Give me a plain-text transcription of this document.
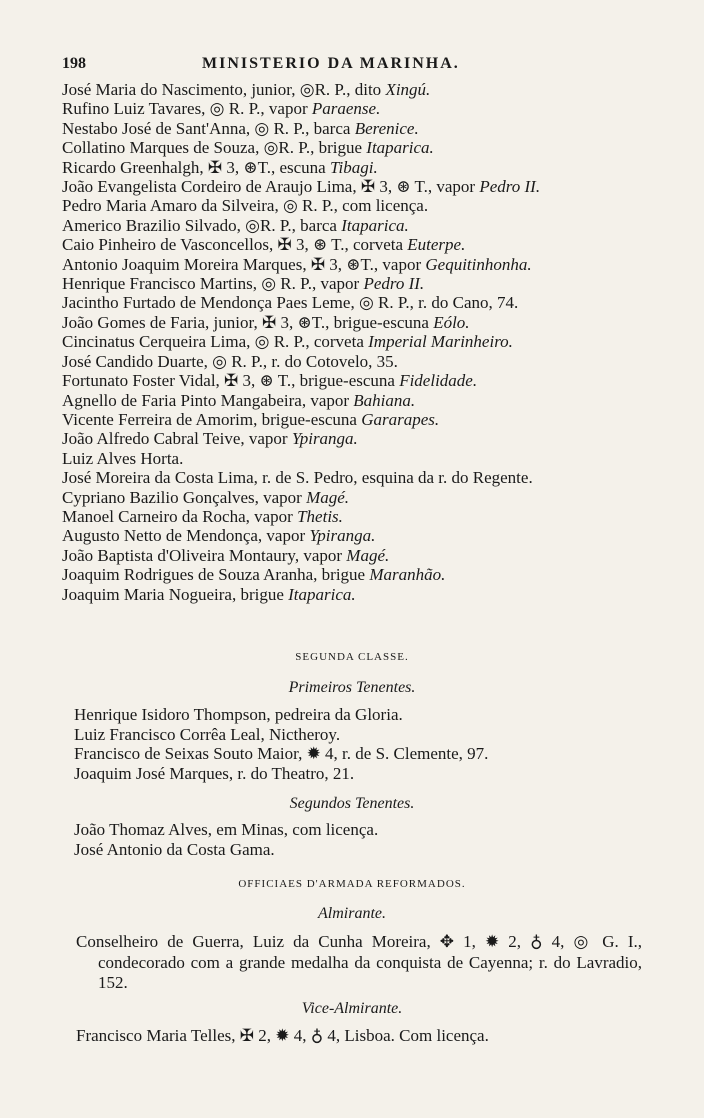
198	MINISTERIO DA MARINHA.
José Maria do Nascimento, junior, ◎R. P., dito Xingú.
Rufino Luiz Tavares, ◎ R. P., vapor Paraense.
Nestabo José de Sant'Anna, ◎ R. P., barca Berenice.
Collatino Marques de Souza, ◎R. P., brigue Itaparica.
Ricardo Greenhalgh, ✠ 3, ⊛T., escuna Tibagi.
João Evangelista Cordeiro de Araujo Lima, ✠ 3, ⊛ T., vapor Pedro II.
Pedro Maria Amaro da Silveira, ◎ R. P., com licença.
Americo Brazilio Silvado, ◎R. P., barca Itaparica.
Caio Pinheiro de Vasconcellos, ✠ 3, ⊛ T., corveta Euterpe.
Antonio Joaquim Moreira Marques, ✠ 3, ⊛T., vapor Gequitinhonha.
Henrique Francisco Martins, ◎ R. P., vapor Pedro II.
Jacintho Furtado de Mendonça Paes Leme, ◎ R. P., r. do Cano, 74.
João Gomes de Faria, junior, ✠ 3, ⊛T., brigue-escuna Eólo.
Cincinatus Cerqueira Lima, ◎ R. P., corveta Imperial Marinheiro.
José Candido Duarte, ◎ R. P., r. do Cotovelo, 35.
Fortunato Foster Vidal, ✠ 3, ⊛ T., brigue-escuna Fidelidade.
Agnello de Faria Pinto Mangabeira, vapor Bahiana.
Vicente Ferreira de Amorim, brigue-escuna Gararapes.
João Alfredo Cabral Teive, vapor Ypiranga.
Luiz Alves Horta.
José Moreira da Costa Lima, r. de S. Pedro, esquina da r. do Regente.
Cypriano Bazilio Gonçalves, vapor Magé.
Manoel Carneiro da Rocha, vapor Thetis.
Augusto Netto de Mendonça, vapor Ypiranga.
João Baptista d'Oliveira Montaury, vapor Magé.
Joaquim Rodrigues de Souza Aranha, brigue Maranhão.
Joaquim Maria Nogueira, brigue Itaparica.
SEGUNDA CLASSE.
Primeiros Tenentes.
Henrique Isidoro Thompson, pedreira da Gloria.
Luiz Francisco Corrêa Leal, Nictheroy.
Francisco de Seixas Souto Maior, ✹ 4, r. de S. Clemente, 97.
Joaquim José Marques, r. do Theatro, 21.
Segundos Tenentes.
João Thomaz Alves, em Minas, com licença.
José Antonio da Costa Gama.
OFFICIAES D'ARMADA REFORMADOS.
Almirante.
Conselheiro de Guerra, Luiz da Cunha Moreira, ✥ 1, ✹ 2, ♁ 4, ◎ G. I., condecorado com a grande medalha da conquista de Cayenna; r. do Lavradio, 152.
Vice-Almirante.
Francisco Maria Telles, ✠ 2, ✹ 4, ♁ 4, Lisboa. Com licença.
